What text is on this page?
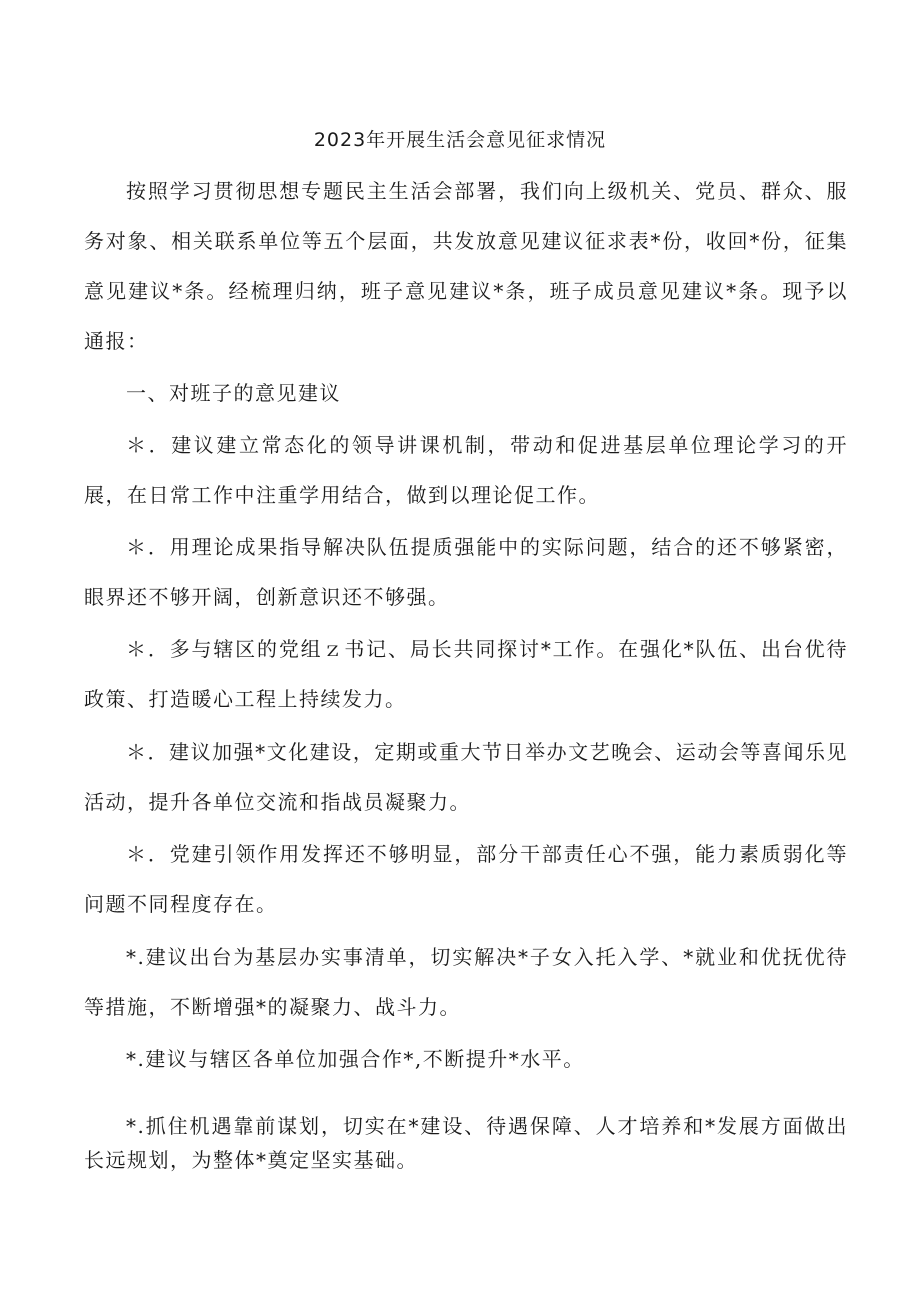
2023年开展生活会意见征求情况

按照学习贯彻思想专题民主生活会部署，我们向上级机关、党员、群众、服务对象、相关联系单位等五个层面，共发放意见建议征求表*份，收回*份，征集意见建议*条。经梳理归纳，班子意见建议*条，班子成员意见建议*条。现予以通报：

一、对班子的意见建议

＊．建议建立常态化的领导讲课机制，带动和促进基层单位理论学习的开展，在日常工作中注重学用结合，做到以理论促工作。

＊．用理论成果指导解决队伍提质强能中的实际问题，结合的还不够紧密，眼界还不够开阔，创新意识还不够强。

＊．多与辖区的党组ｚ书记、局长共同探讨*工作。在强化*队伍、出台优待政策、打造暖心工程上持续发力。

＊．建议加强*文化建设，定期或重大节日举办文艺晚会、运动会等喜闻乐见活动，提升各单位交流和指战员凝聚力。

＊．党建引领作用发挥还不够明显，部分干部责任心不强，能力素质弱化等问题不同程度存在。

*.建议出台为基层办实事清单，切实解决*子女入托入学、*就业和优抚优待等措施，不断增强*的凝聚力、战斗力。

*.建议与辖区各单位加强合作*,不断提升*水平。

*.抓住机遇靠前谋划，切实在*建设、待遇保障、人才培养和*发展方面做出长远规划，为整体*奠定坚实基础。
